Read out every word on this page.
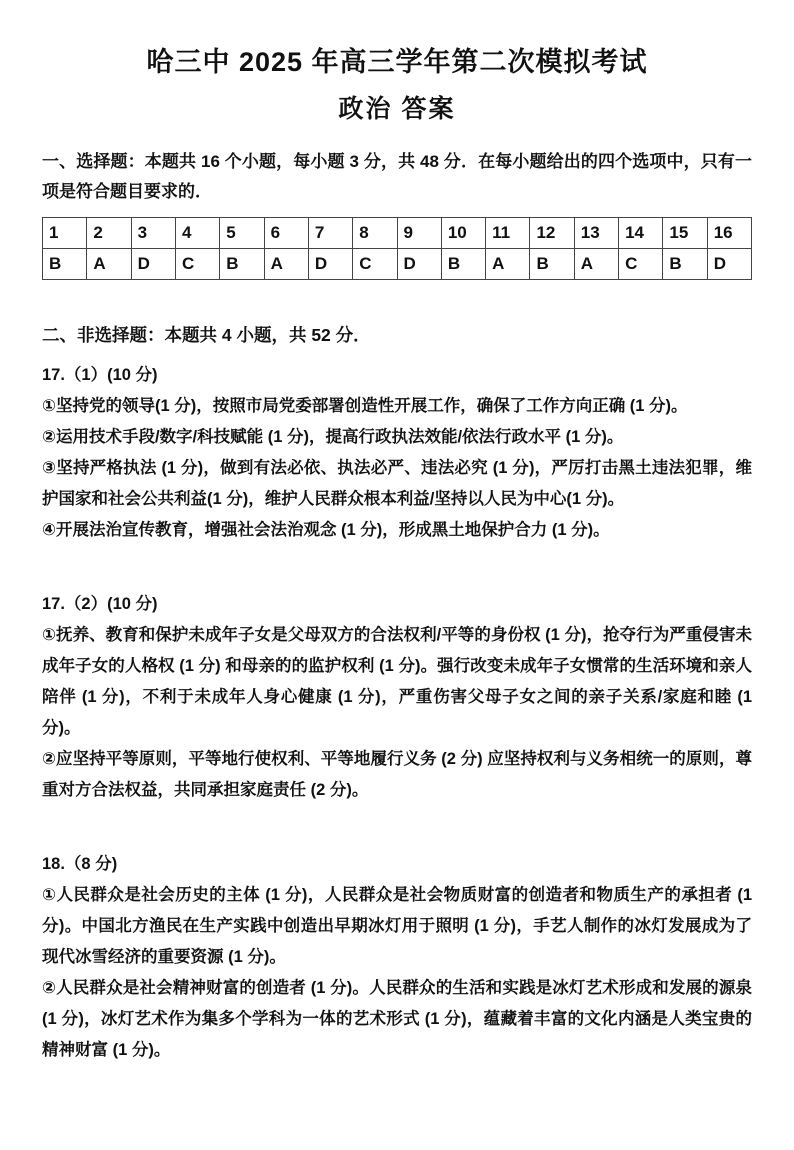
哈三中 2025 年高三学年第二次模拟考试
政治 答案

一、选择题：本题共 16 个小题，每小题 3 分，共 48 分．在每小题给出的四个选项中，只有一项是符合题目要求的．

1	2	3	4	5	6	7	8	9	10	11	12	13	14	15	16
B	A	D	C	B	A	D	C	D	B	A	B	A	C	B	D

二、非选择题：本题共 4 小题，共 52 分．

17.（1）(10 分)

①坚持党的领导(1 分)，按照市局党委部署创造性开展工作，确保了工作方向正确 (1 分)。

②运用技术手段/数字/科技赋能 (1 分)，提高行政执法效能/依法行政水平 (1 分)。

③坚持严格执法 (1 分)，做到有法必依、执法必严、违法必究 (1 分)，严厉打击黑土违法犯罪，维护国家和社会公共利益(1 分)，维护人民群众根本利益/坚持以人民为中心(1 分)。

④开展法治宣传教育，增强社会法治观念 (1 分)，形成黑土地保护合力 (1 分)。

17.（2）(10 分)

①抚养、教育和保护未成年子女是父母双方的合法权利/平等的身份权 (1 分)，抢夺行为严重侵害未成年子女的人格权 (1 分) 和母亲的的监护权利 (1 分)。强行改变未成年子女惯常的生活环境和亲人陪伴 (1 分)，不利于未成年人身心健康 (1 分)，严重伤害父母子女之间的亲子关系/家庭和睦 (1 分)。

②应坚持平等原则，平等地行使权利、平等地履行义务 (2 分) 应坚持权利与义务相统一的原则，尊重对方合法权益，共同承担家庭责任 (2 分)。

18.（8 分)

①人民群众是社会历史的主体 (1 分)，人民群众是社会物质财富的创造者和物质生产的承担者 (1 分)。中国北方渔民在生产实践中创造出早期冰灯用于照明 (1 分)，手艺人制作的冰灯发展成为了现代冰雪经济的重要资源 (1 分)。

②人民群众是社会精神财富的创造者 (1 分)。人民群众的生活和实践是冰灯艺术形成和发展的源泉 (1 分)，冰灯艺术作为集多个学科为一体的艺术形式 (1 分)，蕴藏着丰富的文化内涵是人类宝贵的精神财富 (1 分)。
